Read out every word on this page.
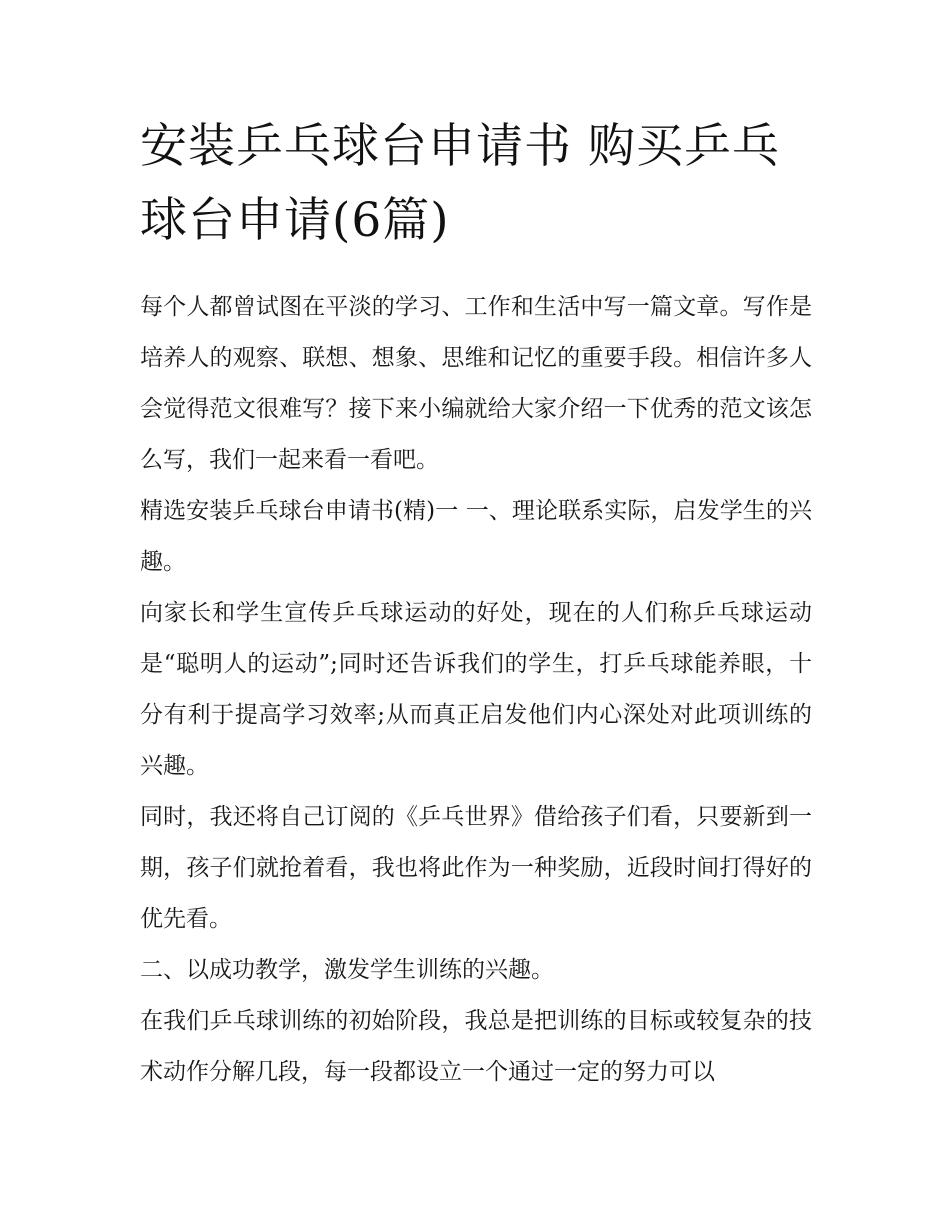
安装乒乓球台申请书 购买乒乓球台申请(6篇)

每个人都曾试图在平淡的学习、工作和生活中写一篇文章。写作是培养人的观察、联想、想象、思维和记忆的重要手段。相信许多人会觉得范文很难写？接下来小编就给大家介绍一下优秀的范文该怎么写，我们一起来看一看吧。

精选安装乒乓球台申请书(精)一 一、理论联系实际，启发学生的兴趣。

向家长和学生宣传乒乓球运动的好处，现在的人们称乒乓球运动是“聪明人的运动”;同时还告诉我们的学生，打乒乓球能养眼，十分有利于提高学习效率;从而真正启发他们内心深处对此项训练的兴趣。

同时，我还将自己订阅的《乒乓世界》借给孩子们看，只要新到一期，孩子们就抢着看，我也将此作为一种奖励，近段时间打得好的优先看。

二、以成功教学，激发学生训练的兴趣。

在我们乒乓球训练的初始阶段，我总是把训练的目标或较复杂的技术动作分解几段，每一段都设立一个通过一定的努力可以
